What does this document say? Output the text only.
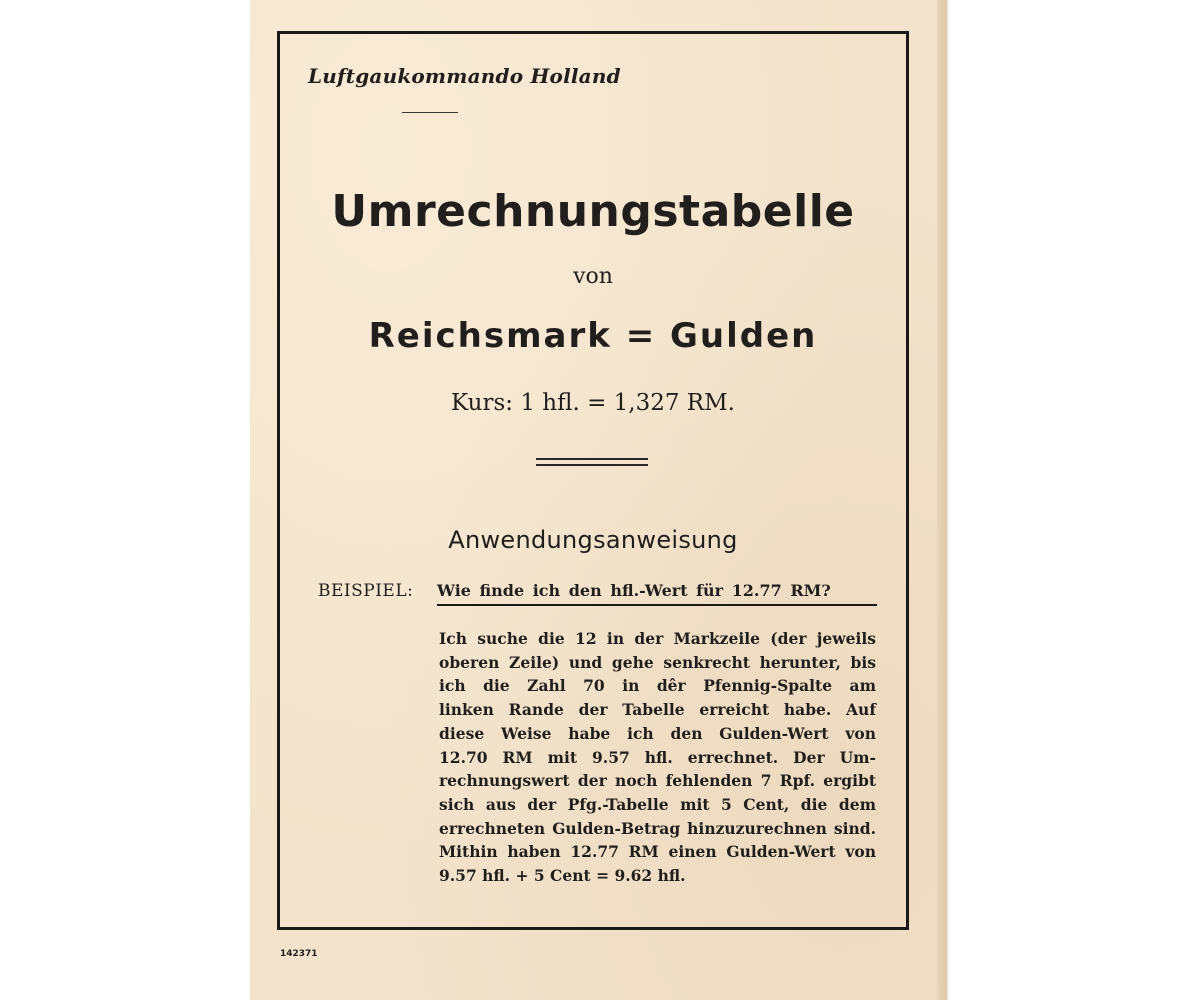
Luftgaukommando Holland
Umrechnungstabelle
von
Reichsmark = Gulden
Kurs: 1 hfl. = 1,327 RM.
Anwendungsanweisung
BEISPIEL: Wie finde ich den hfl.-Wert für 12.77 RM?
Ich suche die 12 in der Markzeile (der jeweils
oberen Zeile) und gehe senkrecht herunter, bis
ich die Zahl 70 in dêr Pfennig-Spalte am
linken Rande der Tabelle erreicht habe. Auf
diese Weise habe ich den Gulden-Wert von
12.70 RM mit 9.57 hfl. errechnet. Der Um-
rechnungswert der noch fehlenden 7 Rpf. ergibt
sich aus der Pfg.-Tabelle mit 5 Cent, die dem
errechneten Gulden-Betrag hinzuzurechnen sind.
Mithin haben 12.77 RM einen Gulden-Wert von
9.57 hfl. + 5 Cent = 9.62 hfl.
142371
